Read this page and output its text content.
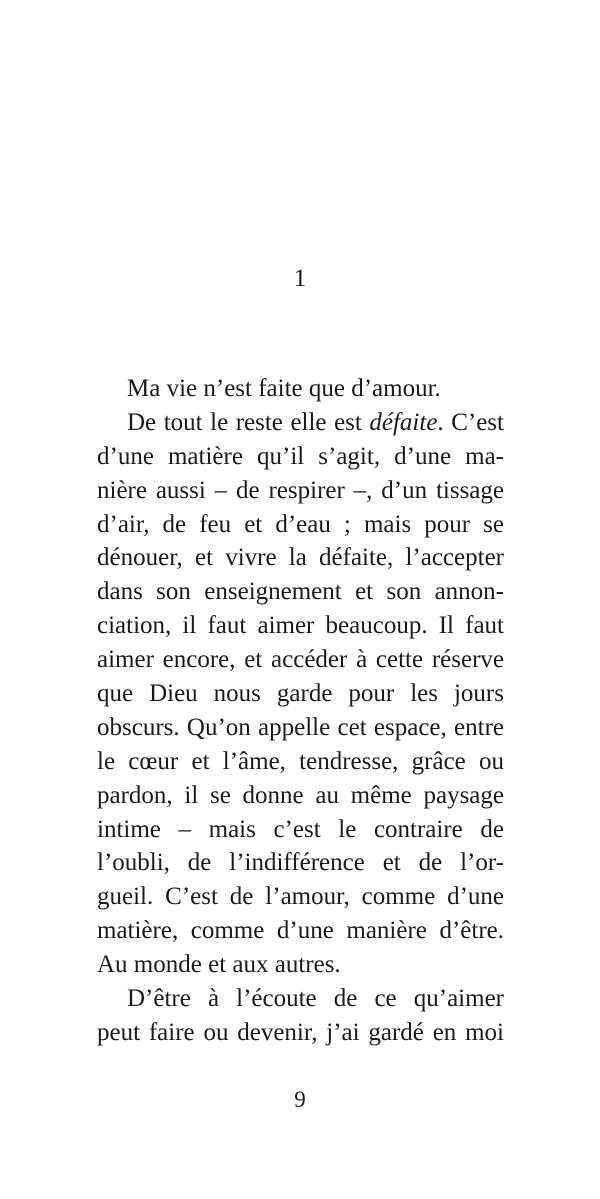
1
Ma vie n’est faite que d’amour.
De tout le reste elle est défaite. C’est
d’une matière qu’il s’agit, d’une ma-
nière aussi – de respirer –, d’un tissage
d’air, de feu et d’eau ; mais pour se
dénouer, et vivre la défaite, l’accepter
dans son enseignement et son annon-
ciation, il faut aimer beaucoup. Il faut
aimer encore, et accéder à cette réserve
que Dieu nous garde pour les jours
obscurs. Qu’on appelle cet espace, entre
le cœur et l’âme, tendresse, grâce ou
pardon, il se donne au même paysage
intime – mais c’est le contraire de
l’oubli, de l’indifférence et de l’or-
gueil. C’est de l’amour, comme d’une
matière, comme d’une manière d’être.
Au monde et aux autres.
D’être à l’écoute de ce qu’aimer
peut faire ou devenir, j’ai gardé en moi
9
